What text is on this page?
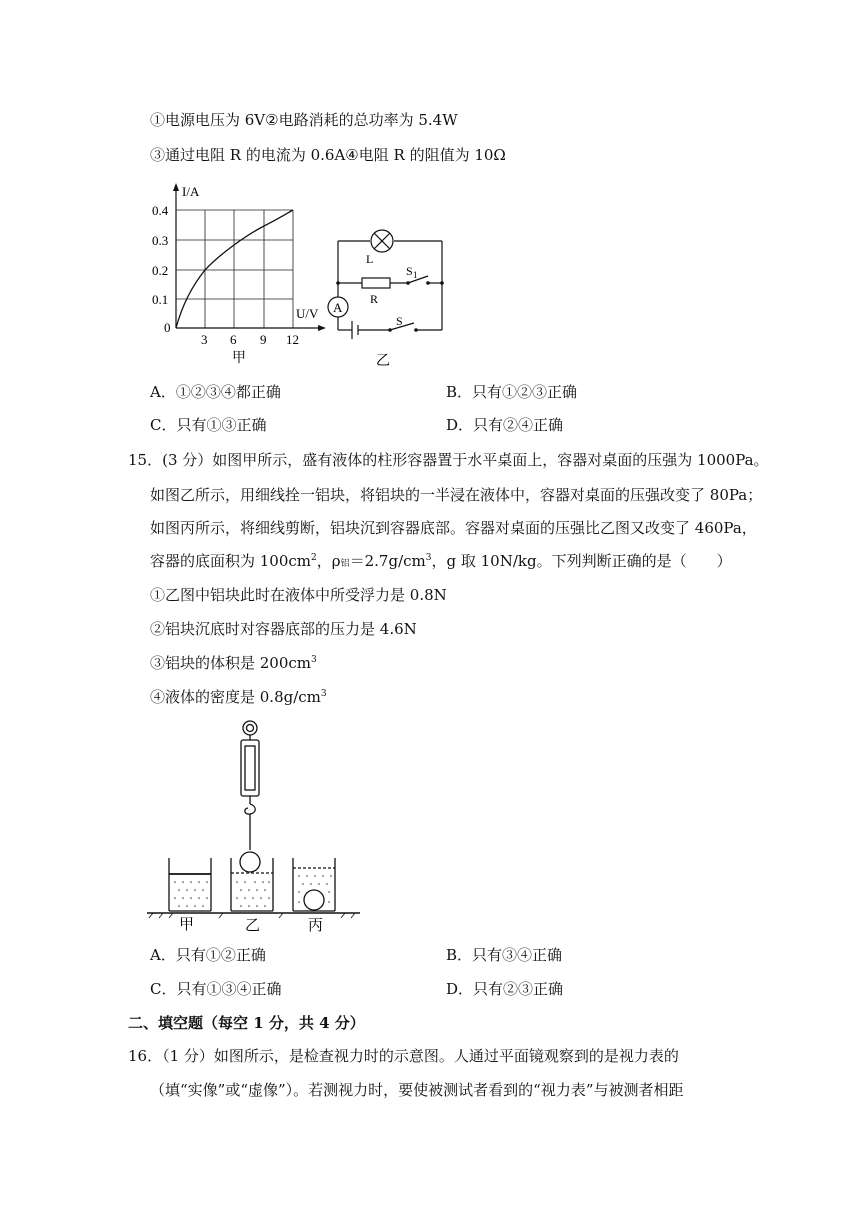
①电源电压为 6V②电路消耗的总功率为 5.4W
③通过电阻 R 的电流为 0.6A④电阻 R 的阻值为 10Ω
I/A
0.4
0.3
0.2
0.1
0
U/V
3 6 9 12
甲
L
R
S 1
S
A
乙
A．①②③④都正确	B．只有①②③正确
C．只有①③正确	D．只有②④正确
15．(3 分）如图甲所示，盛有液体的柱形容器置于水平桌面上，容器对桌面的压强为 1000Pa。
如图乙所示，用细线拴一铝块，将铝块的一半浸在液体中，容器对桌面的压强改变了 80Pa；
如图丙所示，将细线剪断，铝块沉到容器底部。容器对桌面的压强比乙图又改变了 460Pa，
容器的底面积为 $100cm^2$，ρ铝$=2.7g/cm^3$，g 取 10N/kg。下列判断正确的是（　　）
①乙图中铝块此时在液体中所受浮力是 0.8N
②铝块沉底时对容器底部的压力是 4.6N
③铝块的体积是 $200cm^3$
④液体的密度是 $0.8g/cm^3$
甲	乙	丙
A．只有①②正确	B．只有③④正确
C．只有①③④正确	D．只有②③正确
二、填空题（每空 1 分，共 4 分）
16．（1 分）如图所示，是检查视力时的示意图。人通过平面镜观察到的是视力表的
（填“实像”或“虚像”）。若测视力时，要使被测试者看到的“视力表”与被测者相距
